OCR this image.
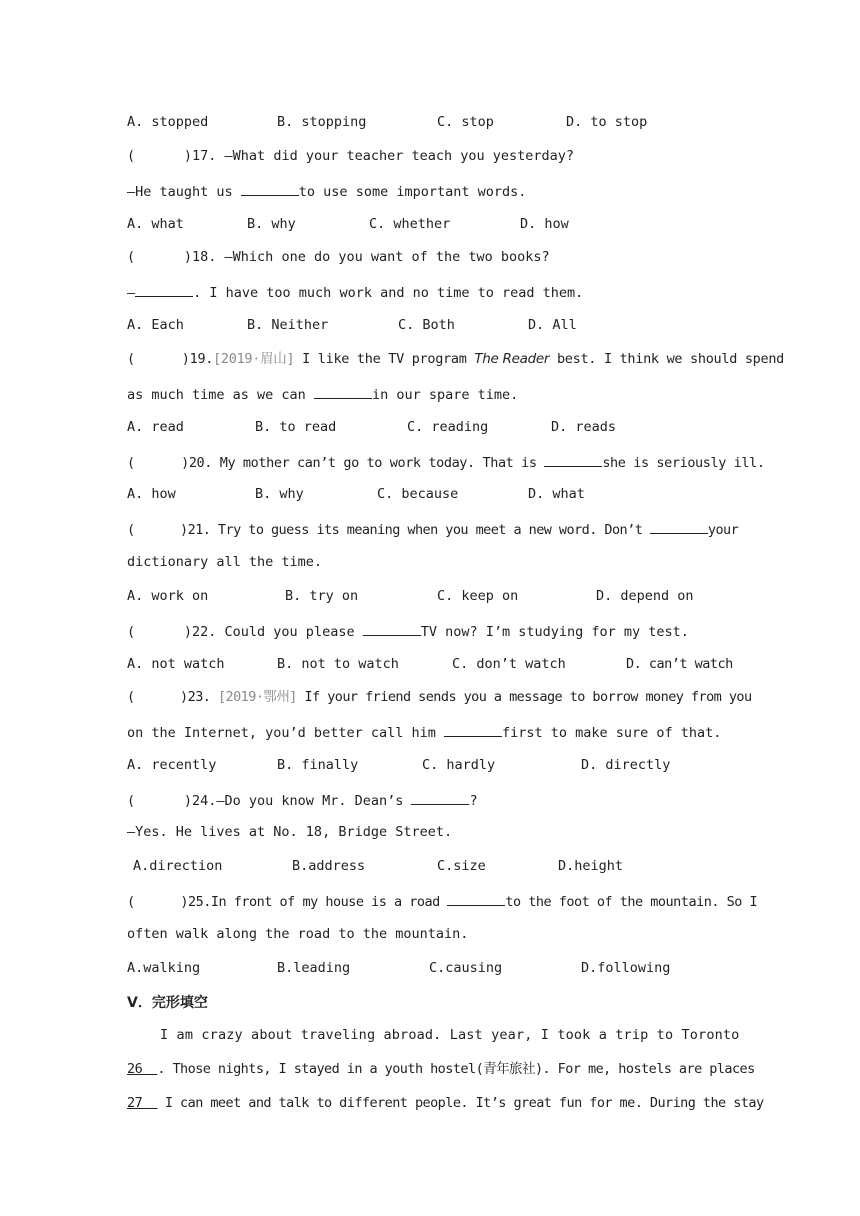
A. stopped	B. stopping	C. stop	D. to stop
(      )17. —What did your teacher teach you yesterday?
—He taught us	to use some important words.
A. what	B. why	C. whether	D. how
(      )18. —Which one do you want of the two books?
—	. I have too much work and no time to read them.
A. Each	B. Neither	C. Both	D. All
(      )19.[2019·眉山] I like the TV program The Reader best. I think we should spend
as much time as we can	in our spare time.
A. read	B. to read	C. reading	D. reads
(      )20. My mother can’t go to work today. That is	she is seriously ill.
A. how	B. why	C. because	D. what
(      )21. Try to guess its meaning when you meet a new word. Don’t	your
dictionary all the time.
A. work on	B. try on	C. keep on	D. depend on
(      )22. Could you please	TV now? I’m studying for my test.
A. not watch	B. not to watch	C. don’t watch	D. can’t watch
(      )23. [2019·鄂州] If your friend sends you a message to borrow money from you
on the Internet, you’d better call him	first to make sure of that.
A. recently	B. finally	C. hardly	D. directly
(      )24.—Do you know Mr. Dean’s	?
—Yes. He lives at No. 18, Bridge Street.
A.direction	B.address	C.size	D.height
(      )25.In front of my house is a road	to the foot of the mountain. So I
often walk along the road to the mountain.
A.walking	B.leading	C.causing	D.following
V．完形填空
I am crazy about traveling abroad. Last year, I took a trip to Toronto
26  . Those nights, I stayed in a youth hostel(青年旅社). For me, hostels are places
27   I can meet and talk to different people. It’s great fun for me. During the stay
